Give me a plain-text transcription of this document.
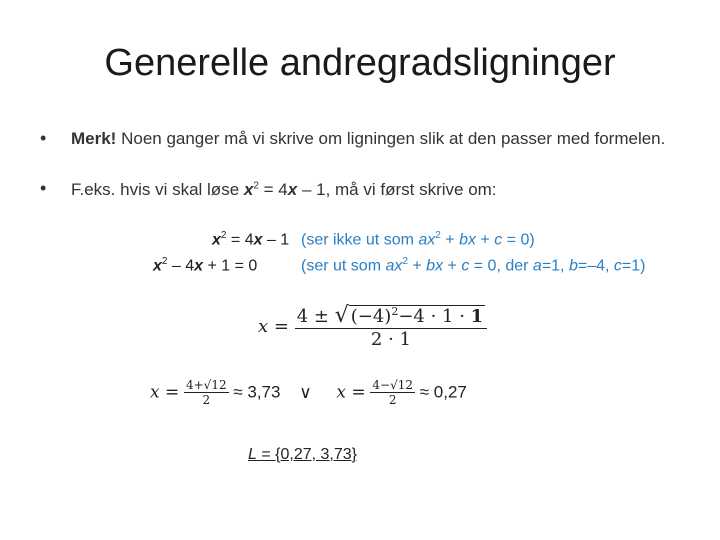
Generelle andregradsligninger
• Merk! Noen ganger må vi skrive om ligningen slik at den passer med formelen.
• F.eks. hvis vi skal løse $x^2 = 4x - 1$, må vi først skrive om:
$x^2 = 4x - 1$ (ser ikke ut som $ax^2$ + bx + c = 0)
$x^2 - 4x + 1 = 0$	(ser ut som $ax^2$ + bx + c = 0, der a=1, b=–4, c=1)
$x = \frac{4 \pm √ (-4)^2-4 \cdot 1 \cdot 1}{2 \cdot 1}$
$x = \frac{4+√12}{2} \approx 3,73$ ∨ $x = \frac{4-√12}{2} \approx 0,27$
L = {0,27, 3,73}
